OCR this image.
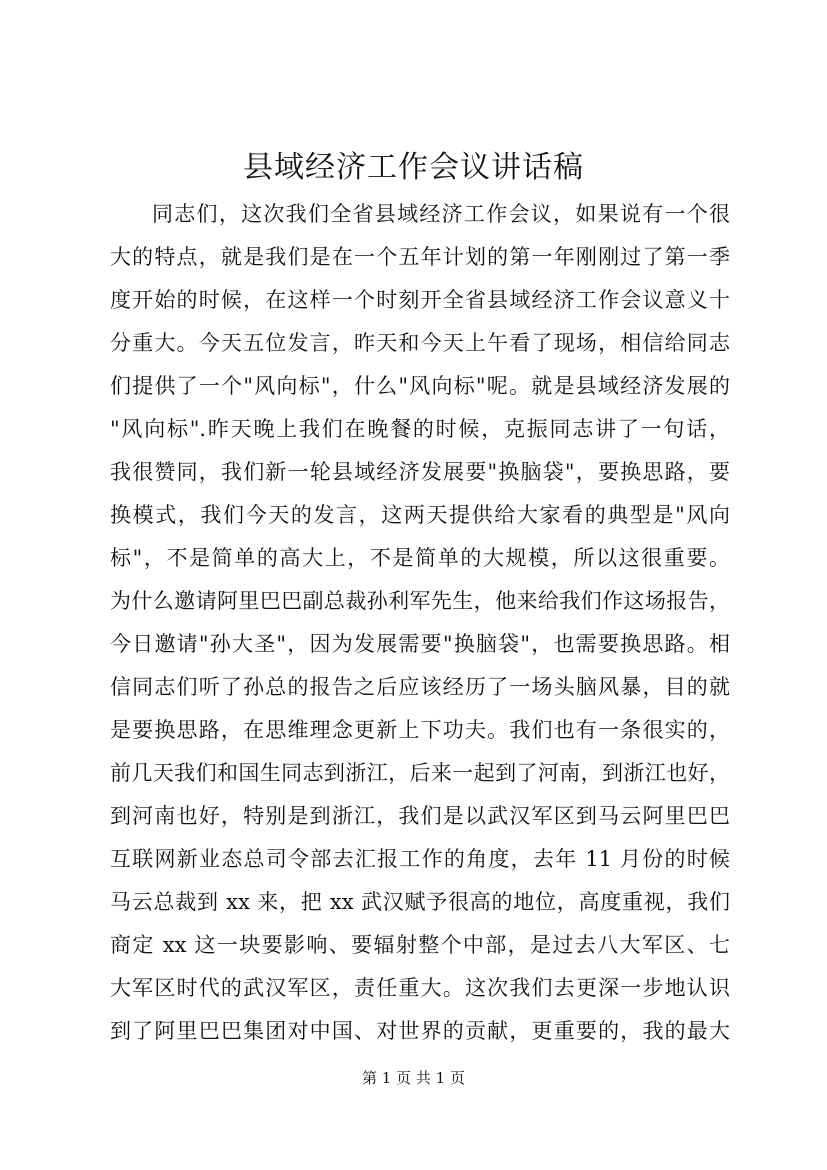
县域经济工作会议讲话稿
同志们，这次我们全省县域经济工作会议，如果说有一个很
大的特点，就是我们是在一个五年计划的第一年刚刚过了第一季
度开始的时候，在这样一个时刻开全省县域经济工作会议意义十
分重大。今天五位发言，昨天和今天上午看了现场，相信给同志
们提供了一个"风向标"，什么"风向标"呢。就是县域经济发展的
"风向标".昨天晚上我们在晚餐的时候，克振同志讲了一句话，
我很赞同，我们新一轮县域经济发展要"换脑袋"，要换思路，要
换模式，我们今天的发言，这两天提供给大家看的典型是"风向
标"，不是简单的高大上，不是简单的大规模，所以这很重要。
为什么邀请阿里巴巴副总裁孙利军先生，他来给我们作这场报告，
今日邀请"孙大圣"，因为发展需要"换脑袋"，也需要换思路。相
信同志们听了孙总的报告之后应该经历了一场头脑风暴，目的就
是要换思路，在思维理念更新上下功夫。我们也有一条很实的，
前几天我们和国生同志到浙江，后来一起到了河南，到浙江也好，
到河南也好，特别是到浙江，我们是以武汉军区到马云阿里巴巴
互联网新业态总司令部去汇报工作的角度，去年 11 月份的时候
马云总裁到 xx 来，把 xx 武汉赋予很高的地位，高度重视，我们
商定 xx 这一块要影响、要辐射整个中部，是过去八大军区、七
大军区时代的武汉军区，责任重大。这次我们去更深一步地认识
到了阿里巴巴集团对中国、对世界的贡献，更重要的，我的最大
第 1 页 共 1 页
